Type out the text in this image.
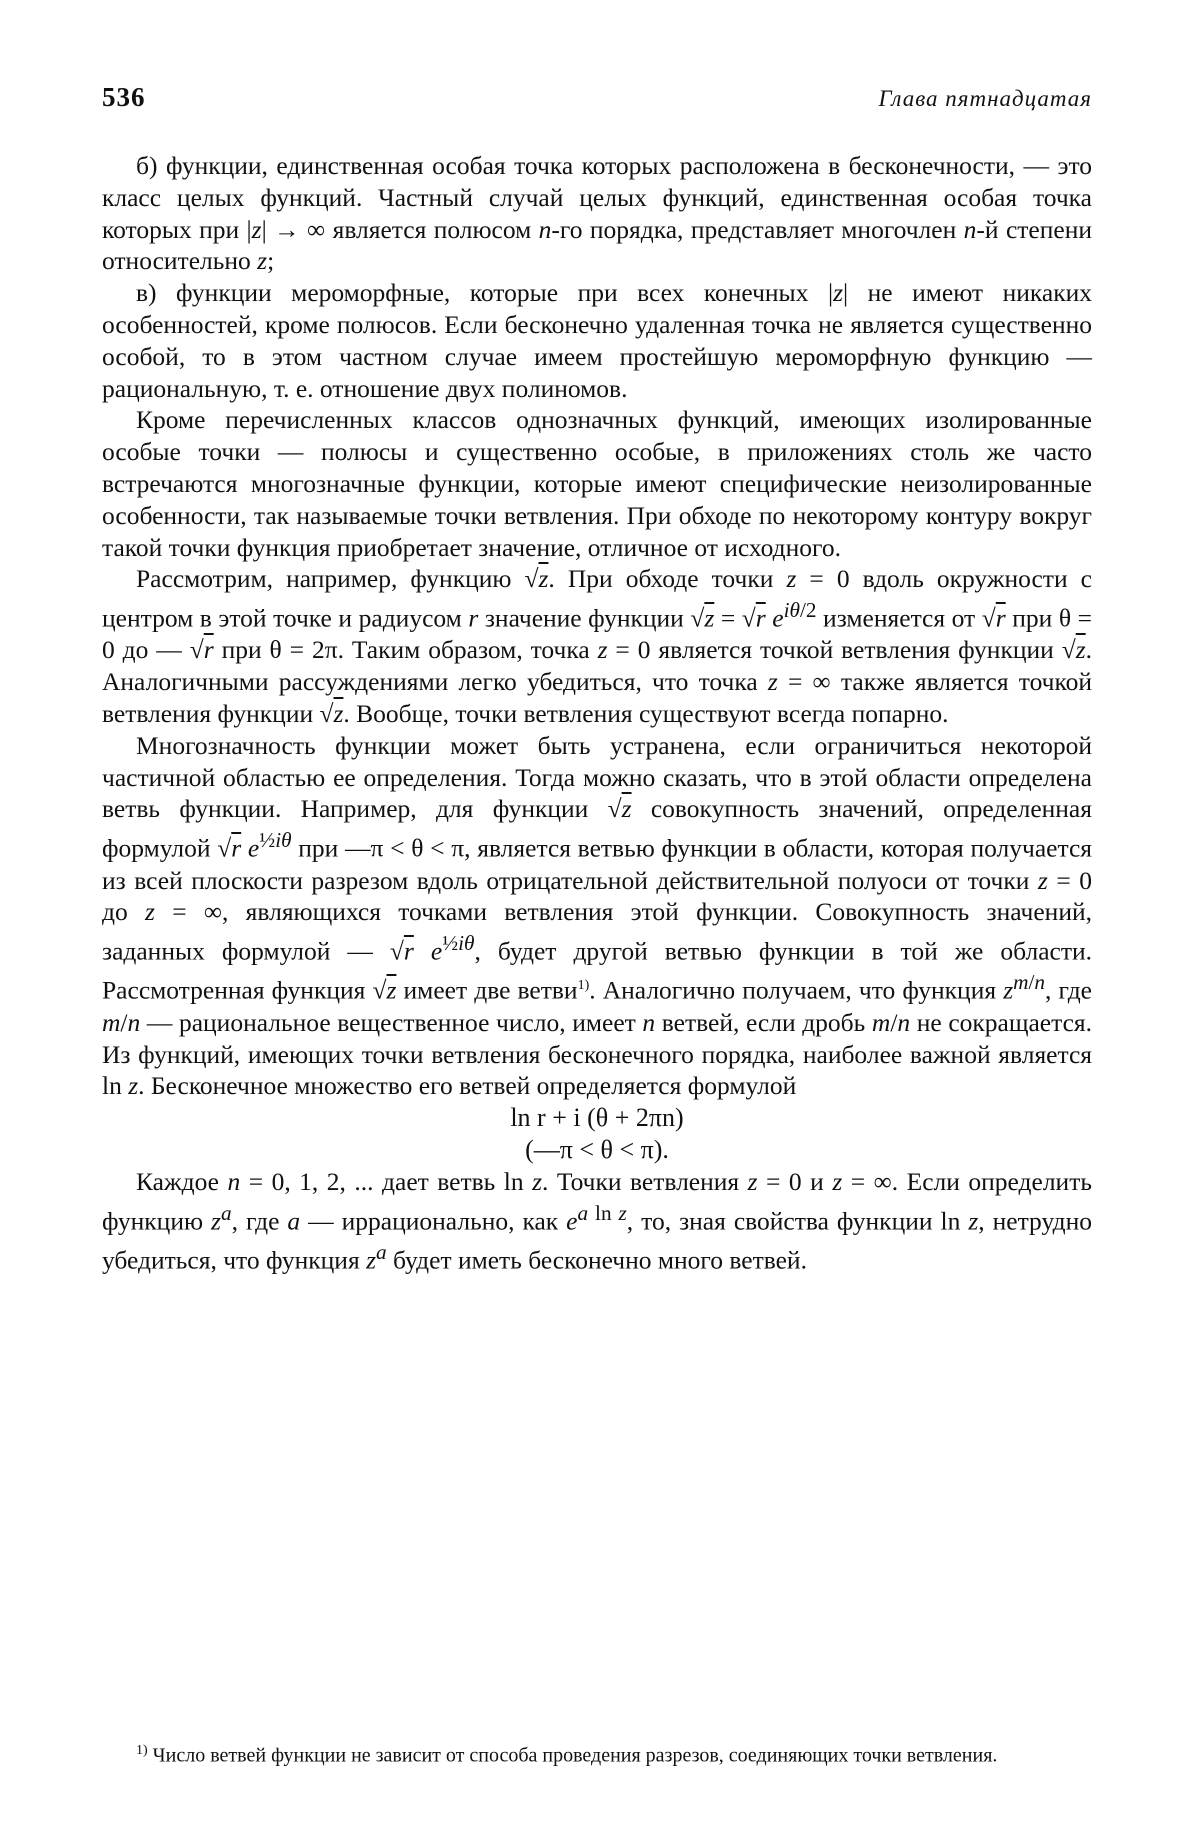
536	Глава пятнадцатая

б) функции, единственная особая точка которых расположена в бесконечности, — это класс целых функций. Частный случай целых функций, единственная особая точка которых при |z| → ∞ является полюсом n-го порядка, представляет многочлен n-й степени относительно z;

в) функции мероморфные, которые при всех конечных |z| не имеют никаких особенностей, кроме полюсов. Если бесконечно удаленная точка не является существенно особой, то в этом частном случае имеем простейшую мероморфную функцию — рациональную, т. е. отношение двух полиномов.

Кроме перечисленных классов однозначных функций, имеющих изолированные особые точки — полюсы и существенно особые, в приложениях столь же часто встречаются многозначные функции, которые имеют специфические неизолированные особенности, так называемые точки ветвления. При обходе по некоторому контуру вокруг такой точки функция приобретает значение, отличное от исходного.

Рассмотрим, например, функцию √z. При обходе точки z = 0 вдоль окружности с центром в этой точке и радиусом r значение функции √z = √r $e^{i\theta/2}$ изменяется от √r при θ = 0 до — √r при θ = 2π. Таким образом, точка z = 0 является точкой ветвления функции √z. Аналогичными рассуждениями легко убедиться, что точка z = ∞ также является точкой ветвления функции √z. Вообще, точки ветвления существуют всегда попарно.

Многозначность функции может быть устранена, если ограничиться некоторой частичной областью ее определения. Тогда можно сказать, что в этой области определена ветвь функции. Например, для функции √z совокупность значений, определенная формулой √r $e^{\frac{1}{2}i\theta}$ при —π < θ < π, является ветвью функции в области, которая получается из всей плоскости разрезом вдоль отрицательной действительной полуоси от точки z = 0 до z = ∞, являющихся точками ветвления этой функции. Совокупность значений, заданных формулой — √r $e^{\frac{1}{2}i\theta}$, будет другой ветвью функции в той же области. Рассмотренная функция √z имеет две ветви$^{1)}$. Аналогично получаем, что функция $z^{m/n}$, где m/n — рациональное вещественное число, имеет n ветвей, если дробь m/n не сокращается. Из функций, имеющих точки ветвления бесконечного порядка, наиболее важной является ln z. Бесконечное множество его ветвей определяется формулой

ln r + i (θ + 2πn)

(—π < θ < π).

Каждое n = 0, 1, 2, ... дает ветвь ln z. Точки ветвления z = 0 и z = ∞. Если определить функцию $z^a$, где a — иррационально, как $e^{a ln z}$, то, зная свойства функции ln z, нетрудно убедиться, что функция $z^a$ будет иметь бесконечно много ветвей.

$^{1)}$ Число ветвей функции не зависит от способа проведения разрезов, соединяющих точки ветвления.
